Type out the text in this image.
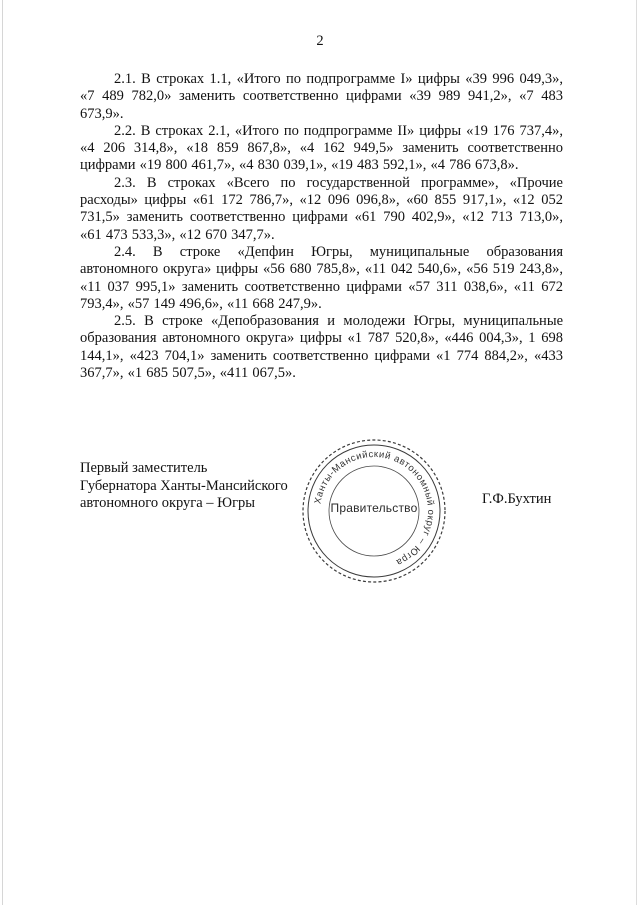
2

2.1. В строках 1.1, «Итого по подпрограмме I» цифры «39 996 049,3», «7 489 782,0» заменить соответственно цифрами «39 989 941,2», «7 483 673,9».

2.2. В строках 2.1, «Итого по подпрограмме II» цифры «19 176 737,4», «4 206 314,8», «18 859 867,8», «4 162 949,5» заменить соответственно цифрами «19 800 461,7», «4 830 039,1», «19 483 592,1», «4 786 673,8».

2.3. В строках «Всего по государственной программе», «Прочие расходы» цифры «61 172 786,7», «12 096 096,8», «60 855 917,1», «12 052 731,5» заменить соответственно цифрами «61 790 402,9», «12 713 713,0», «61 473 533,3», «12 670 347,7».

2.4. В строке «Депфин Югры, муниципальные образования автономного округа» цифры «56 680 785,8», «11 042 540,6», «56 519 243,8», «11 037 995,1» заменить соответственно цифрами «57 311 038,6», «11 672 793,4», «57 149 496,6», «11 668 247,9».

2.5. В строке «Депобразования и молодежи Югры, муниципальные образования автономного округа» цифры «1 787 520,8», «446 004,3», 1 698 144,1», «423 704,1» заменить соответственно цифрами «1 774 884,2», «433 367,7», «1 685 507,5», «411 067,5».

Первый заместитель
Губернатора Ханты-Мансийского
автономного округа – Югры	Ханты-Мансийский автономный округ – Югра
Правительство
Г.Ф.Бухтин
